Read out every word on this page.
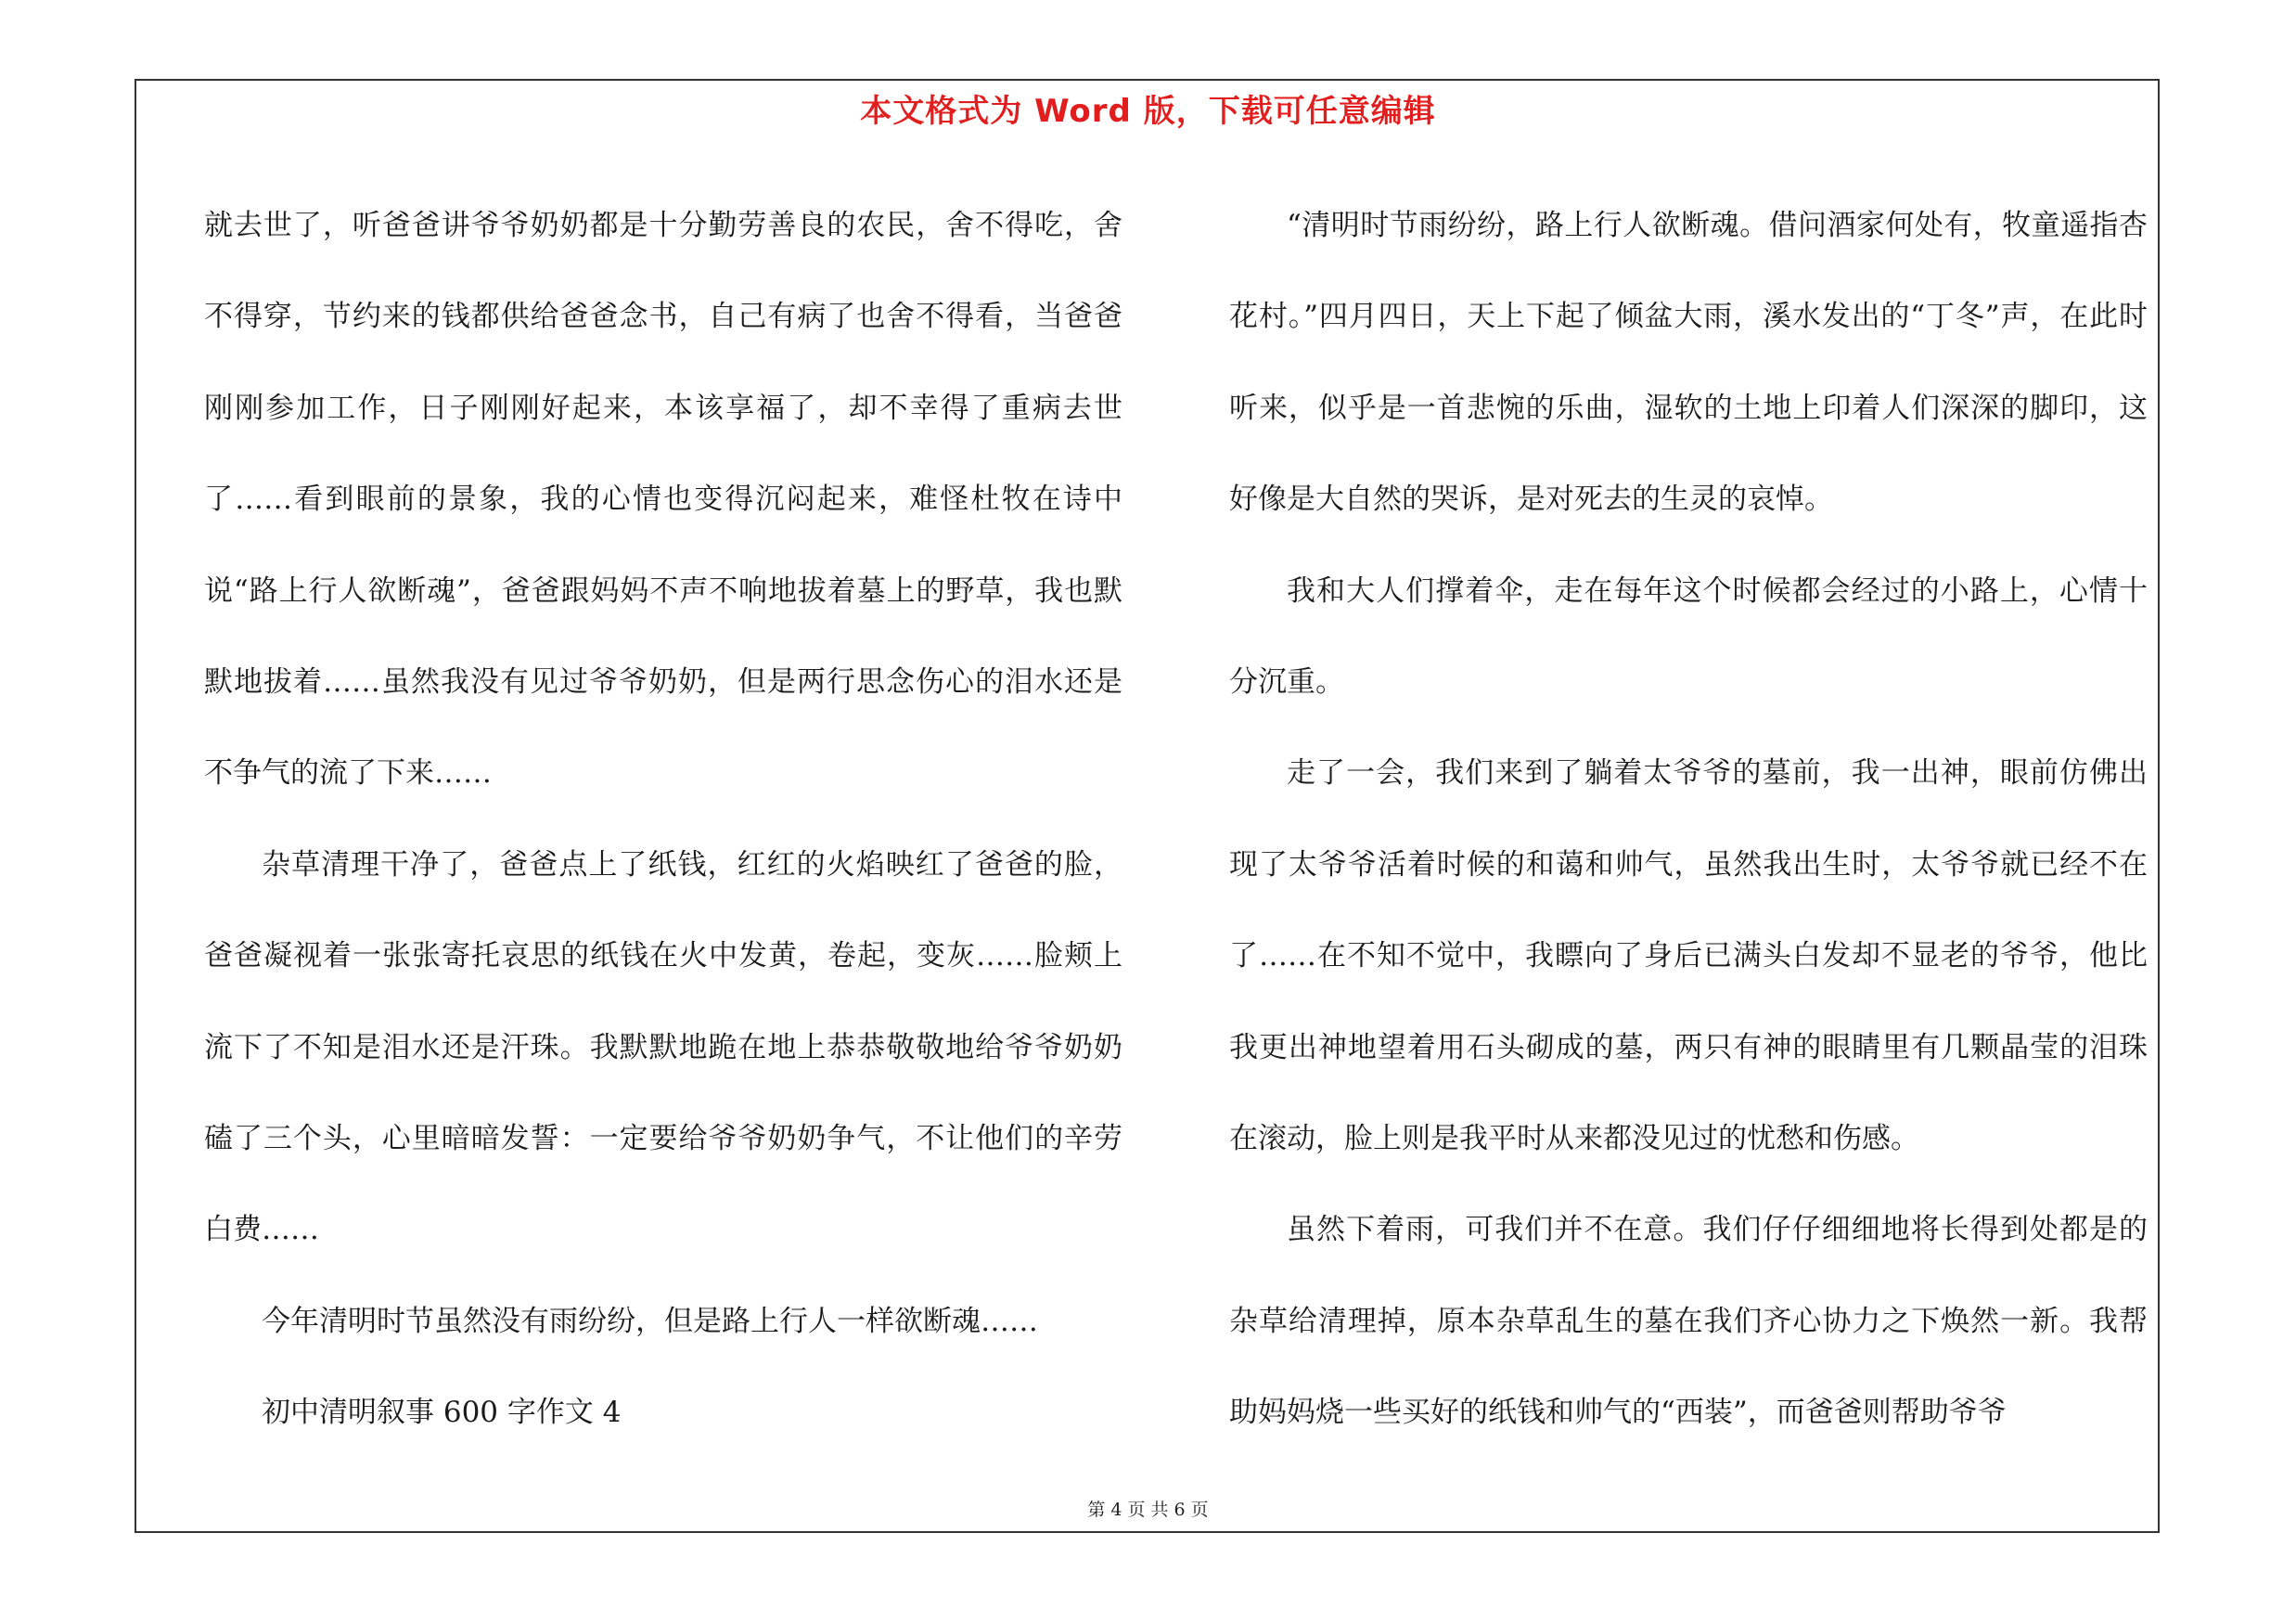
本文格式为 Word 版，下载可任意编辑

就去世了，听爸爸讲爷爷奶奶都是十分勤劳善良的农民，舍不得吃，舍不得穿，节约来的钱都供给爸爸念书，自己有病了也舍不得看，当爸爸刚刚参加工作，日子刚刚好起来，本该享福了，却不幸得了重病去世了……看到眼前的景象，我的心情也变得沉闷起来，难怪杜牧在诗中说“路上行人欲断魂”，爸爸跟妈妈不声不响地拔着墓上的野草，我也默默地拔着……虽然我没有见过爷爷奶奶，但是两行思念伤心的泪水还是不争气的流了下来……

杂草清理干净了，爸爸点上了纸钱，红红的火焰映红了爸爸的脸，爸爸凝视着一张张寄托哀思的纸钱在火中发黄，卷起，变灰……脸颊上流下了不知是泪水还是汗珠。我默默地跪在地上恭恭敬敬地给爷爷奶奶磕了三个头，心里暗暗发誓：一定要给爷爷奶奶争气，不让他们的辛劳白费……

今年清明时节虽然没有雨纷纷，但是路上行人一样欲断魂……

初中清明叙事 600 字作文 4

“清明时节雨纷纷，路上行人欲断魂。借问酒家何处有，牧童遥指杏花村。”四月四日，天上下起了倾盆大雨，溪水发出的“丁冬”声，在此时听来，似乎是一首悲惋的乐曲，湿软的土地上印着人们深深的脚印，这好像是大自然的哭诉，是对死去的生灵的哀悼。

我和大人们撑着伞，走在每年这个时候都会经过的小路上，心情十分沉重。

走了一会，我们来到了躺着太爷爷的墓前，我一出神，眼前仿佛出现了太爷爷活着时候的和蔼和帅气，虽然我出生时，太爷爷就已经不在了……在不知不觉中，我瞟向了身后已满头白发却不显老的爷爷，他比我更出神地望着用石头砌成的墓，两只有神的眼睛里有几颗晶莹的泪珠在滚动，脸上则是我平时从来都没见过的忧愁和伤感。

虽然下着雨，可我们并不在意。我们仔仔细细地将长得到处都是的杂草给清理掉，原本杂草乱生的墓在我们齐心协力之下焕然一新。我帮助妈妈烧一些买好的纸钱和帅气的“西装”，而爸爸则帮助爷爷

第 4 页 共 6 页
